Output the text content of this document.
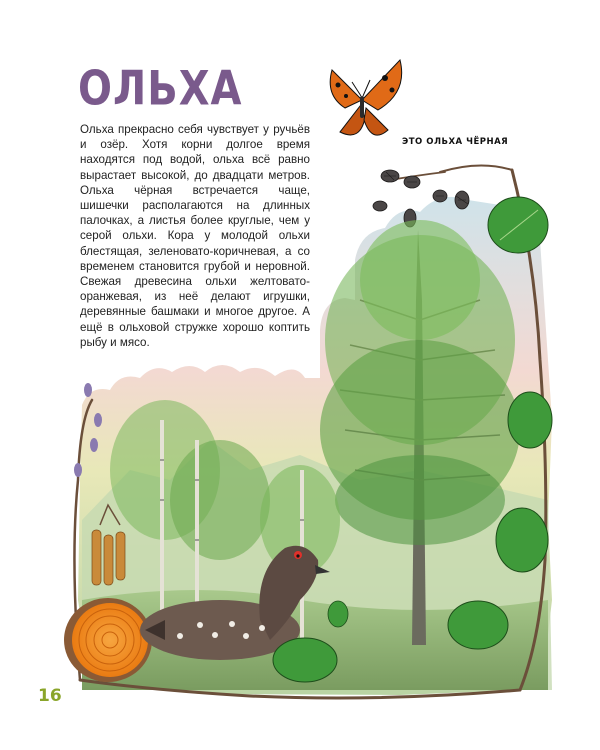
ОЛЬХА

Ольха прекрасно себя чувствует у ручьёв и озёр. Хотя корни долгое время находятся под водой, ольха всё равно вырастает высокой, до двадцати метров. Ольха чёрная встречается чаще, шишечки располагаются на длинных палочках, а листья более круглые, чем у серой ольхи. Кора у молодой ольхи блестящая, зеленовато-коричневая, а со временем становится грубой и неровной. Свежая древесина ольхи желтовато-оранжевая, из неё делают игрушки, деревянные башмаки и многое другое. А ещё в ольховой стружке хорошо коптить рыбу и мясо.

ЭТО ОЛЬХА ЧЁРНАЯ
16
